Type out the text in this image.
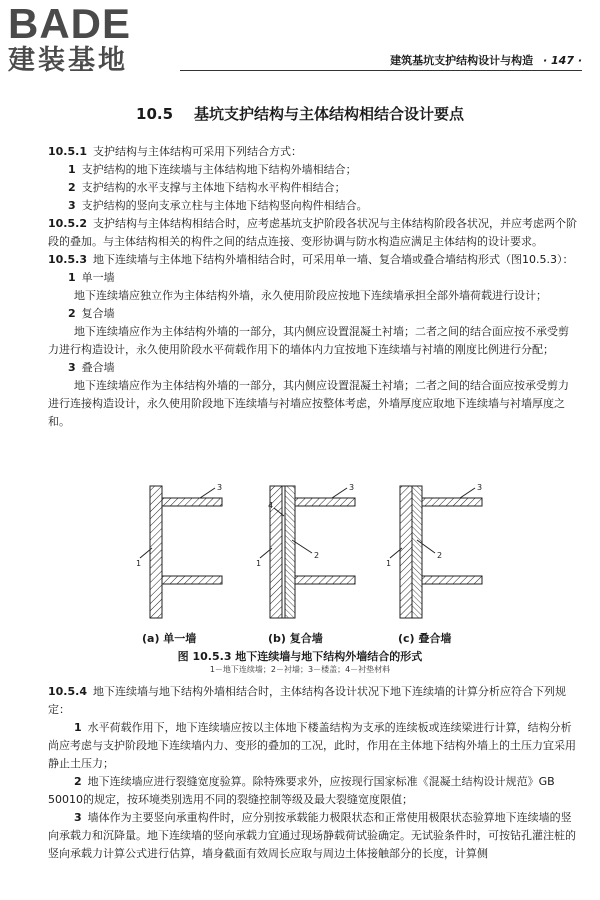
BADE
建装基地	建筑基坑支护结构设计与构造 · 147 ·
10.5 基坑支护结构与主体结构相结合设计要点

10.5.1 支护结构与主体结构可采用下列结合方式：

1 支护结构的地下连续墙与主体结构地下结构外墙相结合；

2 支护结构的水平支撑与主体地下结构水平构件相结合；

3 支护结构的竖向支承立柱与主体地下结构竖向构件相结合。

10.5.2 支护结构与主体结构相结合时，应考虑基坑支护阶段各状况与主体结构阶段各状况，并应考虑两个阶段的叠加。与主体结构相关的构件之间的结点连接、变形协调与防水构造应满足主体结构的设计要求。

10.5.3 地下连续墙与主体地下结构外墙相结合时，可采用单一墙、复合墙或叠合墙结构形式（图10.5.3）：

1 单一墙

地下连续墙应独立作为主体结构外墙，永久使用阶段应按地下连续墙承担全部外墙荷载进行设计；

2 复合墙

地下连续墙应作为主体结构外墙的一部分，其内侧应设置混凝土衬墙；二者之间的结合面应按不承受剪力进行构造设计，永久使用阶段水平荷载作用下的墙体内力宜按地下连续墙与衬墙的刚度比例进行分配；

3 叠合墙

地下连续墙应作为主体结构外墙的一部分，其内侧应设置混凝土衬墙；二者之间的结合面应按承受剪力进行连接构造设计，永久使用阶段地下连续墙与衬墙应按整体考虑，外墙厚度应取地下连续墙与衬墙厚度之和。

1
3
1
2
3
4
1
2
3
(a) 单一墙	(b) 复合墙	(c) 叠合墙
图 10.5.3 地下连续墙与地下结构外墙结合的形式
1－地下连续墙；2－衬墙；3－楼盖；4－衬垫材料

10.5.4 地下连续墙与地下结构外墙相结合时，主体结构各设计状况下地下连续墙的计算分析应符合下列规定：

1 水平荷载作用下，地下连续墙应按以主体地下楼盖结构为支承的连续板或连续梁进行计算，结构分析尚应考虑与支护阶段地下连续墙内力、变形的叠加的工况，此时，作用在主体地下结构外墙上的土压力宜采用静止土压力；

2 地下连续墙应进行裂缝宽度验算。除特殊要求外，应按现行国家标准《混凝土结构设计规范》GB 50010的规定，按环境类别选用不同的裂缝控制等级及最大裂缝宽度限值；

3 墙体作为主要竖向承重构件时，应分别按承载能力极限状态和正常使用极限状态验算地下连续墙的竖向承载力和沉降量。地下连续墙的竖向承载力宜通过现场静载荷试验确定。无试验条件时，可按钻孔灌注桩的竖向承载力计算公式进行估算，墙身截面有效周长应取与周边土体接触部分的长度，计算侧
